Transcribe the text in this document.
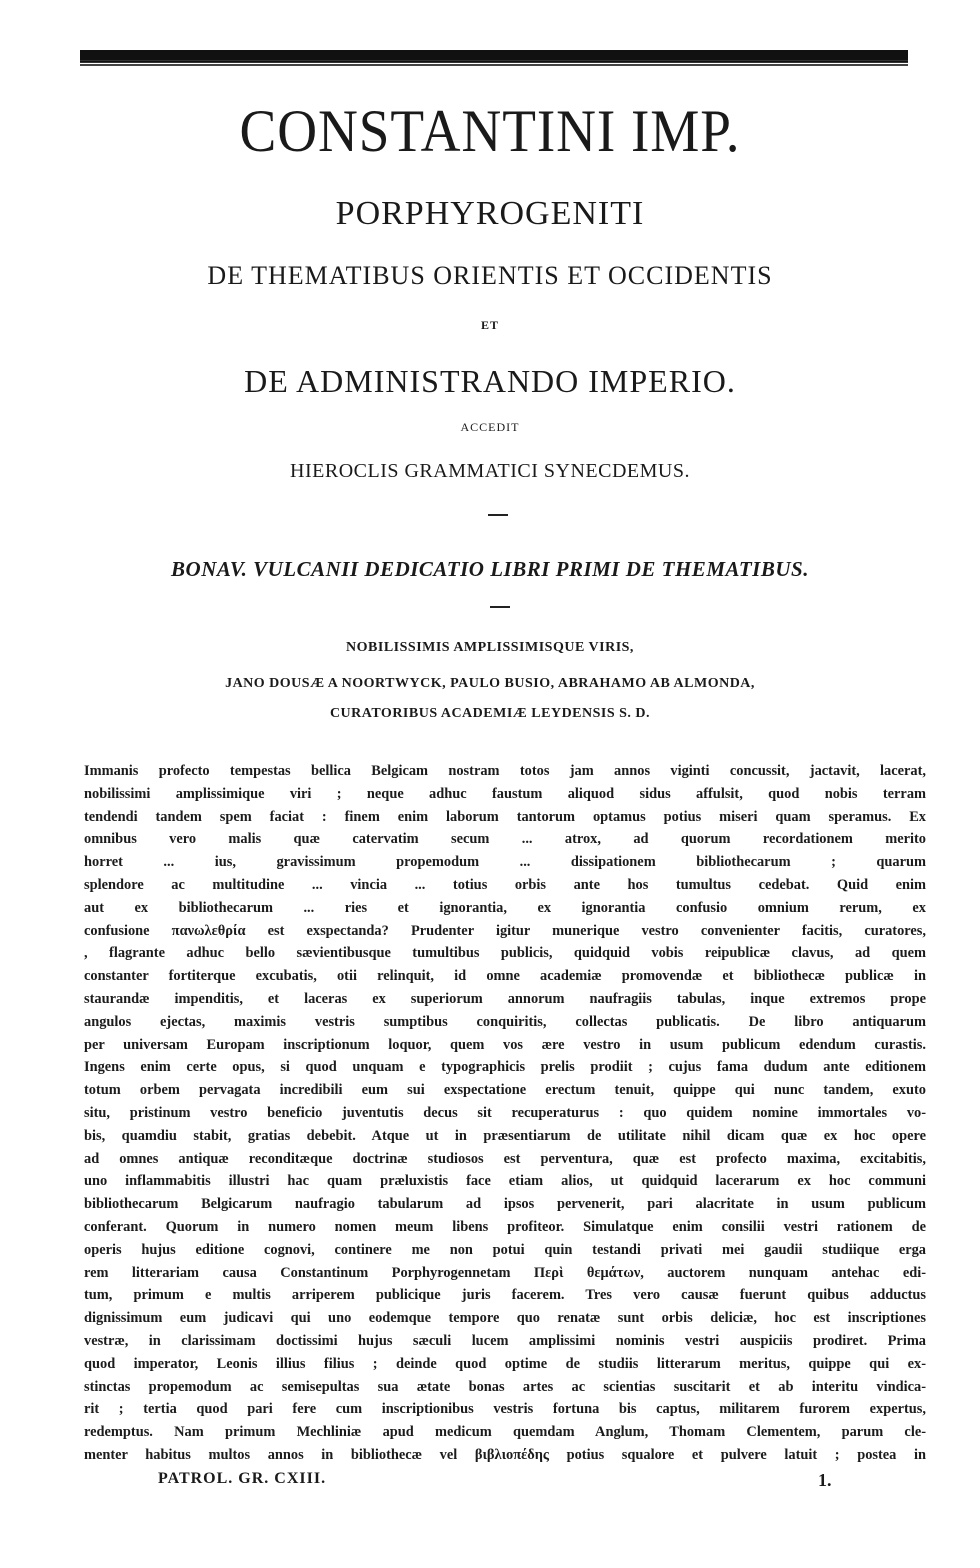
CONSTANTINI IMP.
PORPHYROGENITI
DE THEMATIBUS ORIENTIS ET OCCIDENTIS
ET
DE ADMINISTRANDO IMPERIO.
ACCEDIT
HIEROCLIS GRAMMATICI SYNECDEMUS.
BONAV. VULCANII DEDICATIO LIBRI PRIMI DE THEMATIBUS.
NOBILISSIMIS AMPLISSIMISQUE VIRIS,
JANO DOUSÆ A NOORTWYCK, PAULO BUSIO, ABRAHAMO AB ALMONDA,
CURATORIBUS ACADEMIÆ LEYDENSIS S. D.
Immanis profecto tempestas bellica Belgicam nostram totos jam annos viginti concussit, jactavit, lacerat,
nobilissimi amplissimique viri ; neque adhuc faustum aliquod sidus affulsit, quod nobis terram
tendendi tandem spem faciat : finem enim laborum tantorum optamus potius miseri quam speramus. Ex
omnibus vero malis quæ catervatim secum ... atrox, ad quorum recordationem merito
horret ... ius, gravissimum propemodum ... dissipationem bibliothecarum ; quarum
splendore ac multitudine ... vincia ... totius orbis ante hos tumultus cedebat. Quid enim
aut ex bibliothecarum ... ries et ignorantia, ex ignorantia confusio omnium rerum, ex
confusione πανωλεθρία est exspectanda? Prudenter igitur munerique vestro convenienter facitis, curatores,
, flagrante adhuc bello sævientibusque tumultibus publicis, quidquid vobis reipublicæ clavus, ad quem
constanter fortiterque excubatis, otii relinquit, id omne academiæ promovendæ et bibliothecæ publicæ in
staurandæ impenditis, et laceras ex superiorum annorum naufragiis tabulas, inque extremos prope
angulos ejectas, maximis vestris sumptibus conquiritis, collectas publicatis. De libro antiquarum
per universam Europam inscriptionum loquor, quem vos ære vestro in usum publicum edendum curastis.
Ingens enim certe opus, si quod unquam e typographicis prelis prodiit ; cujus fama dudum ante editionem
totum orbem pervagata incredibili eum sui exspectatione erectum tenuit, quippe qui nunc tandem, exuto
situ, pristinum vestro beneficio juventutis decus sit recuperaturus : quo quidem nomine immortales vo-
bis, quamdiu stabit, gratias debebit. Atque ut in præsentiarum de utilitate nihil dicam quæ ex hoc opere
ad omnes antiquæ reconditæque doctrinæ studiosos est perventura, quæ est profecto maxima, excitabitis,
uno inflammabitis illustri hac quam præluxistis face etiam alios, ut quidquid lacerarum ex hoc communi
bibliothecarum Belgicarum naufragio tabularum ad ipsos pervenerit, pari alacritate in usum publicum
conferant. Quorum in numero nomen meum libens profiteor. Simulatque enim consilii vestri rationem de
operis hujus editione cognovi, continere me non potui quin testandi privati mei gaudii studiique erga
rem litterariam causa Constantinum Porphyrogennetam Περὶ θεμάτων, auctorem nunquam antehac edi-
tum, primum e multis arriperem publicique juris facerem. Tres vero causæ fuerunt quibus adductus
dignissimum eum judicavi qui uno eodemque tempore quo renatæ sunt orbis deliciæ, hoc est inscriptiones
vestræ, in clarissimam doctissimi hujus sæculi lucem amplissimi nominis vestri auspiciis prodiret. Prima
quod imperator, Leonis illius filius ; deinde quod optime de studiis litterarum meritus, quippe qui ex-
stinctas propemodum ac semisepultas sua ætate bonas artes ac scientias suscitarit et ab interitu vindica-
rit ; tertia quod pari fere cum inscriptionibus vestris fortuna bis captus, militarem furorem expertus,
redemptus. Nam primum Mechliniæ apud medicum quemdam Anglum, Thomam Clementem, parum cle-
menter habitus multos annos in bibliothecæ vel βιβλιοπέδης potius squalore et pulvere latuit ; postea in
PATROL. GR. CXIII.	1.
